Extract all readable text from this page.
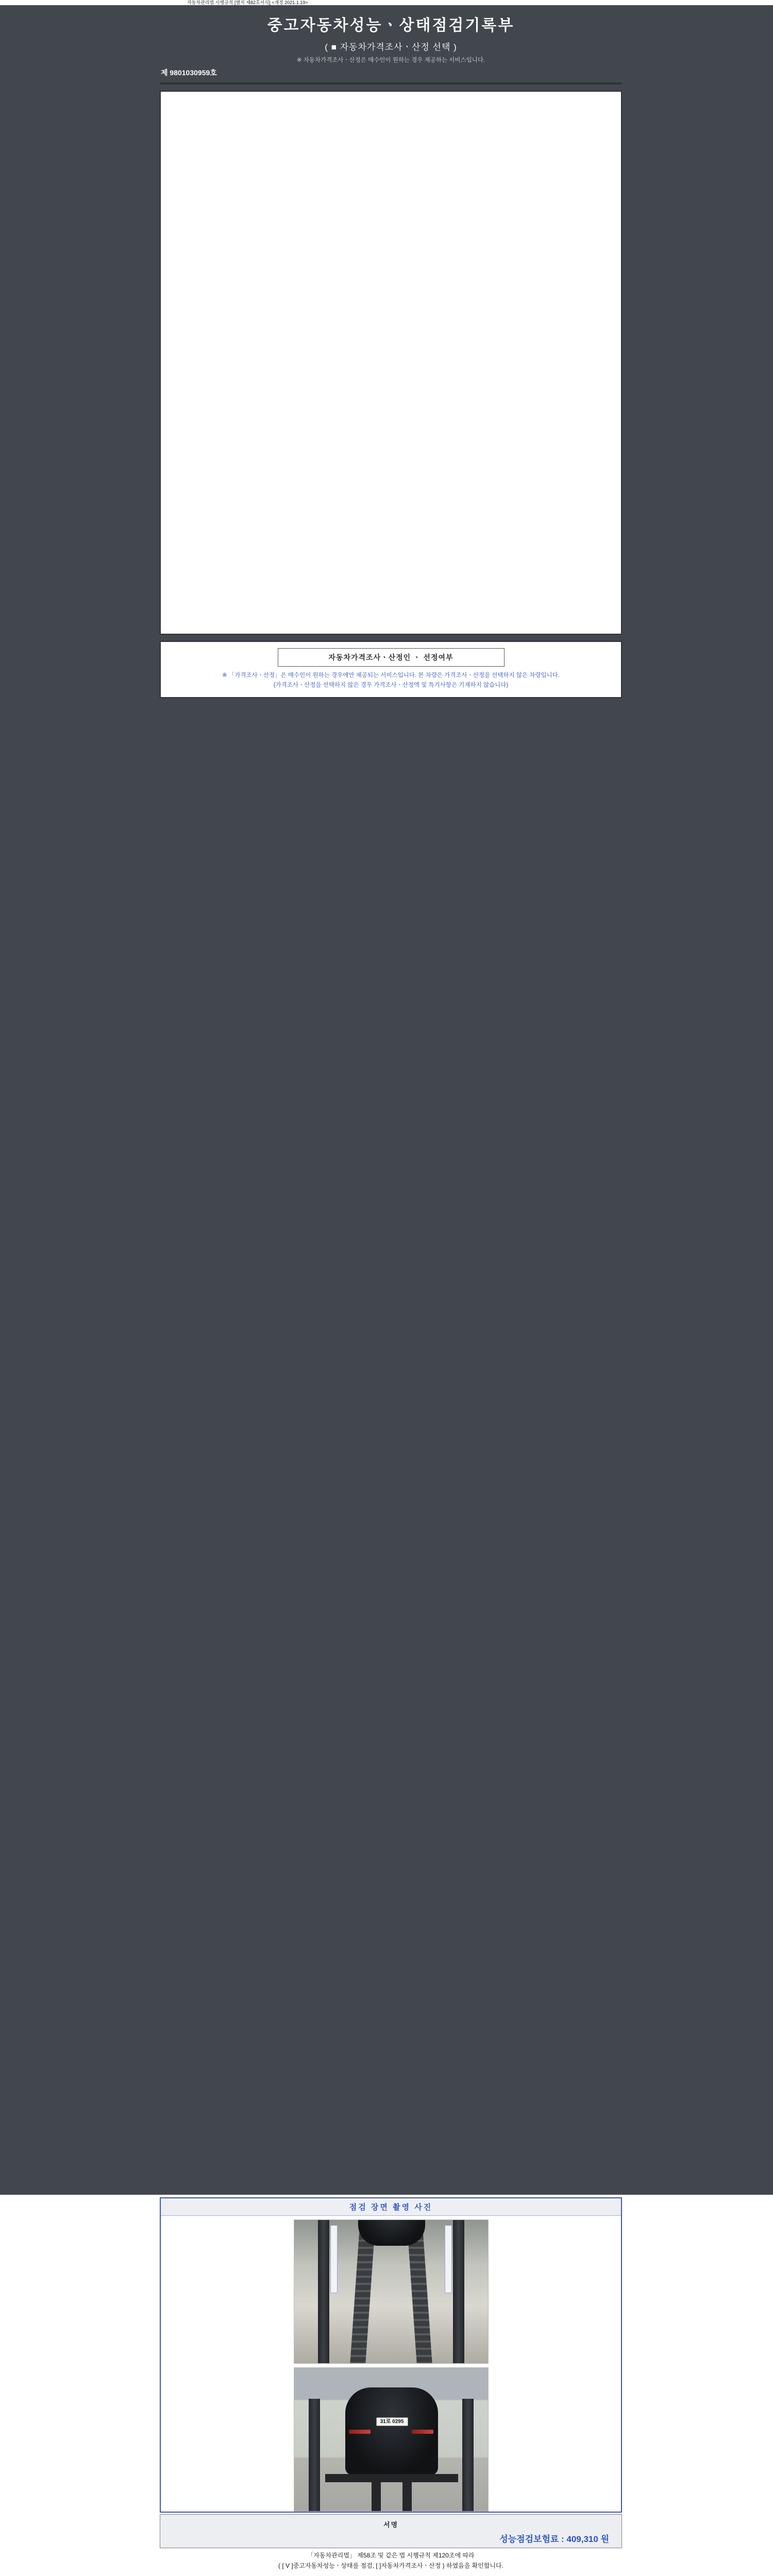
자동차관리법 시행규칙 [별지 제82호서식] <개정 2021.1.19>
중고자동차성능ㆍ상태점검기록부
( ■ 자동차가격조사ㆍ산정 선택 )
※ 자동차가격조사ㆍ산정은 매수인이 원하는 경우 제공하는 서비스입니다.
제 9801030959호
자동차가격조사ㆍ산정인 ㆍ 선정여부
※ 「가격조사ㆍ산정」은 매수인이 원하는 경우에만 제공되는 서비스입니다. 본 차량은 가격조사ㆍ산정을 선택하지 않은 차량입니다.
(가격조사ㆍ산정을 선택하지 않은 경우 가격조사ㆍ산정액 및 특기사항은 기재하지 않습니다)
점검 장면 촬영 사진
31로 0295
서명
성능점검보험료 : 409,310 원
「자동차관리법」 제58조 및 같은 법 시행규칙 제120조에 따라
( [ V ]중고자동차성능ㆍ상태를 점검, [ ]자동차가격조사ㆍ산정 ) 하였음을 확인합니다.
